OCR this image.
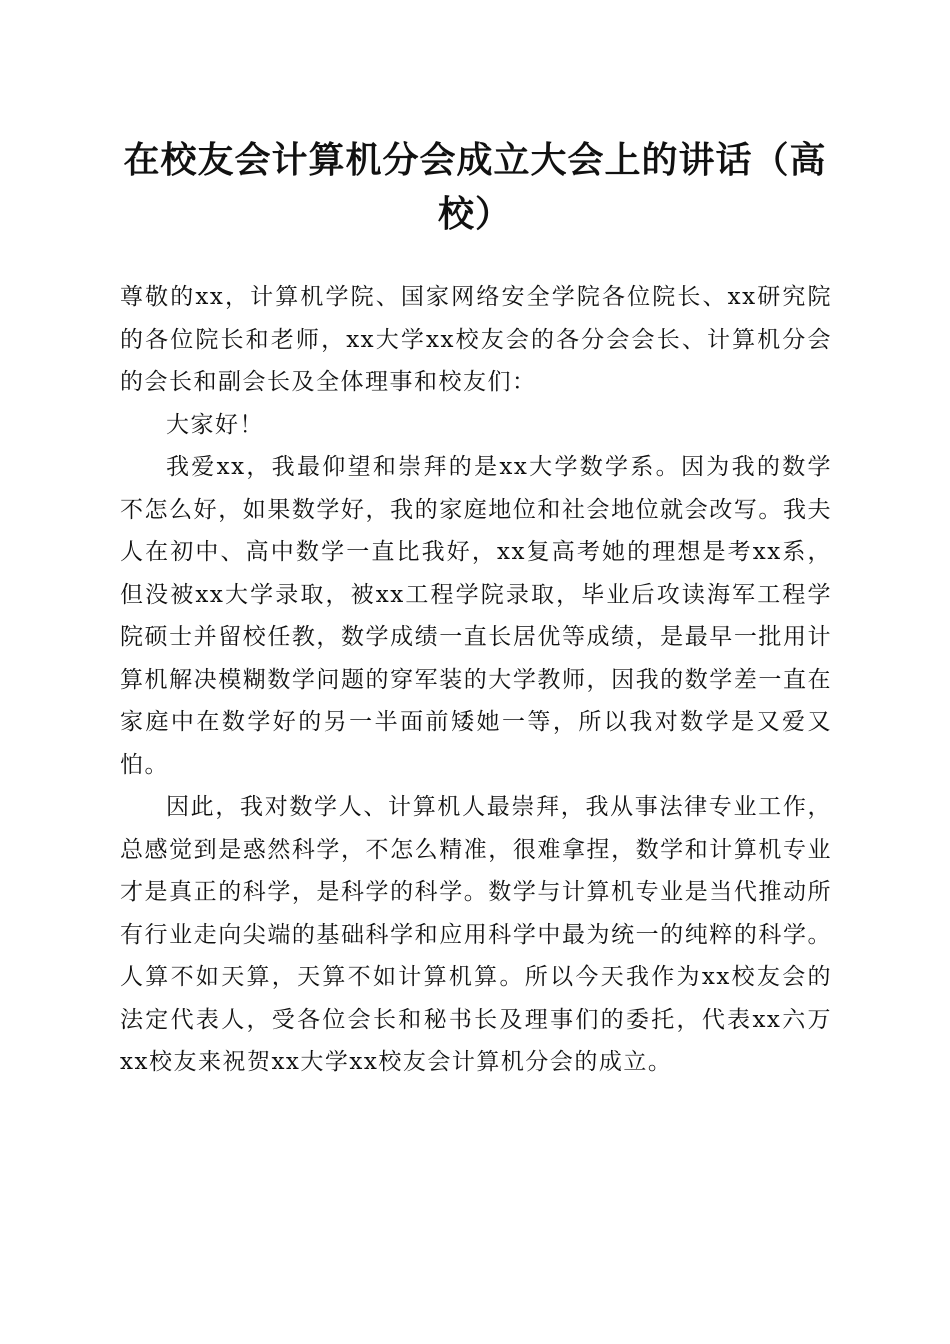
在校友会计算机分会成立大会上的讲话（高校）

尊敬的xx，计算机学院、国家网络安全学院各位院长、xx研究院的各位院长和老师，xx大学xx校友会的各分会会长、计算机分会的会长和副会长及全体理事和校友们：

大家好！

我爱xx，我最仰望和崇拜的是xx大学数学系。因为我的数学不怎么好，如果数学好，我的家庭地位和社会地位就会改写。我夫人在初中、高中数学一直比我好，xx复高考她的理想是考xx系，但没被xx大学录取，被xx工程学院录取，毕业后攻读海军工程学院硕士并留校任教，数学成绩一直长居优等成绩，是最早一批用计算机解决模糊数学问题的穿军装的大学教师，因我的数学差一直在家庭中在数学好的另一半面前矮她一等，所以我对数学是又爱又怕。

因此，我对数学人、计算机人最崇拜，我从事法律专业工作，总感觉到是惑然科学，不怎么精准，很难拿捏，数学和计算机专业才是真正的科学，是科学的科学。数学与计算机专业是当代推动所有行业走向尖端的基础科学和应用科学中最为统一的纯粹的科学。人算不如天算，天算不如计算机算。所以今天我作为xx校友会的法定代表人，受各位会长和秘书长及理事们的委托，代表xx六万xx校友来祝贺xx大学xx校友会计算机分会的成立。
